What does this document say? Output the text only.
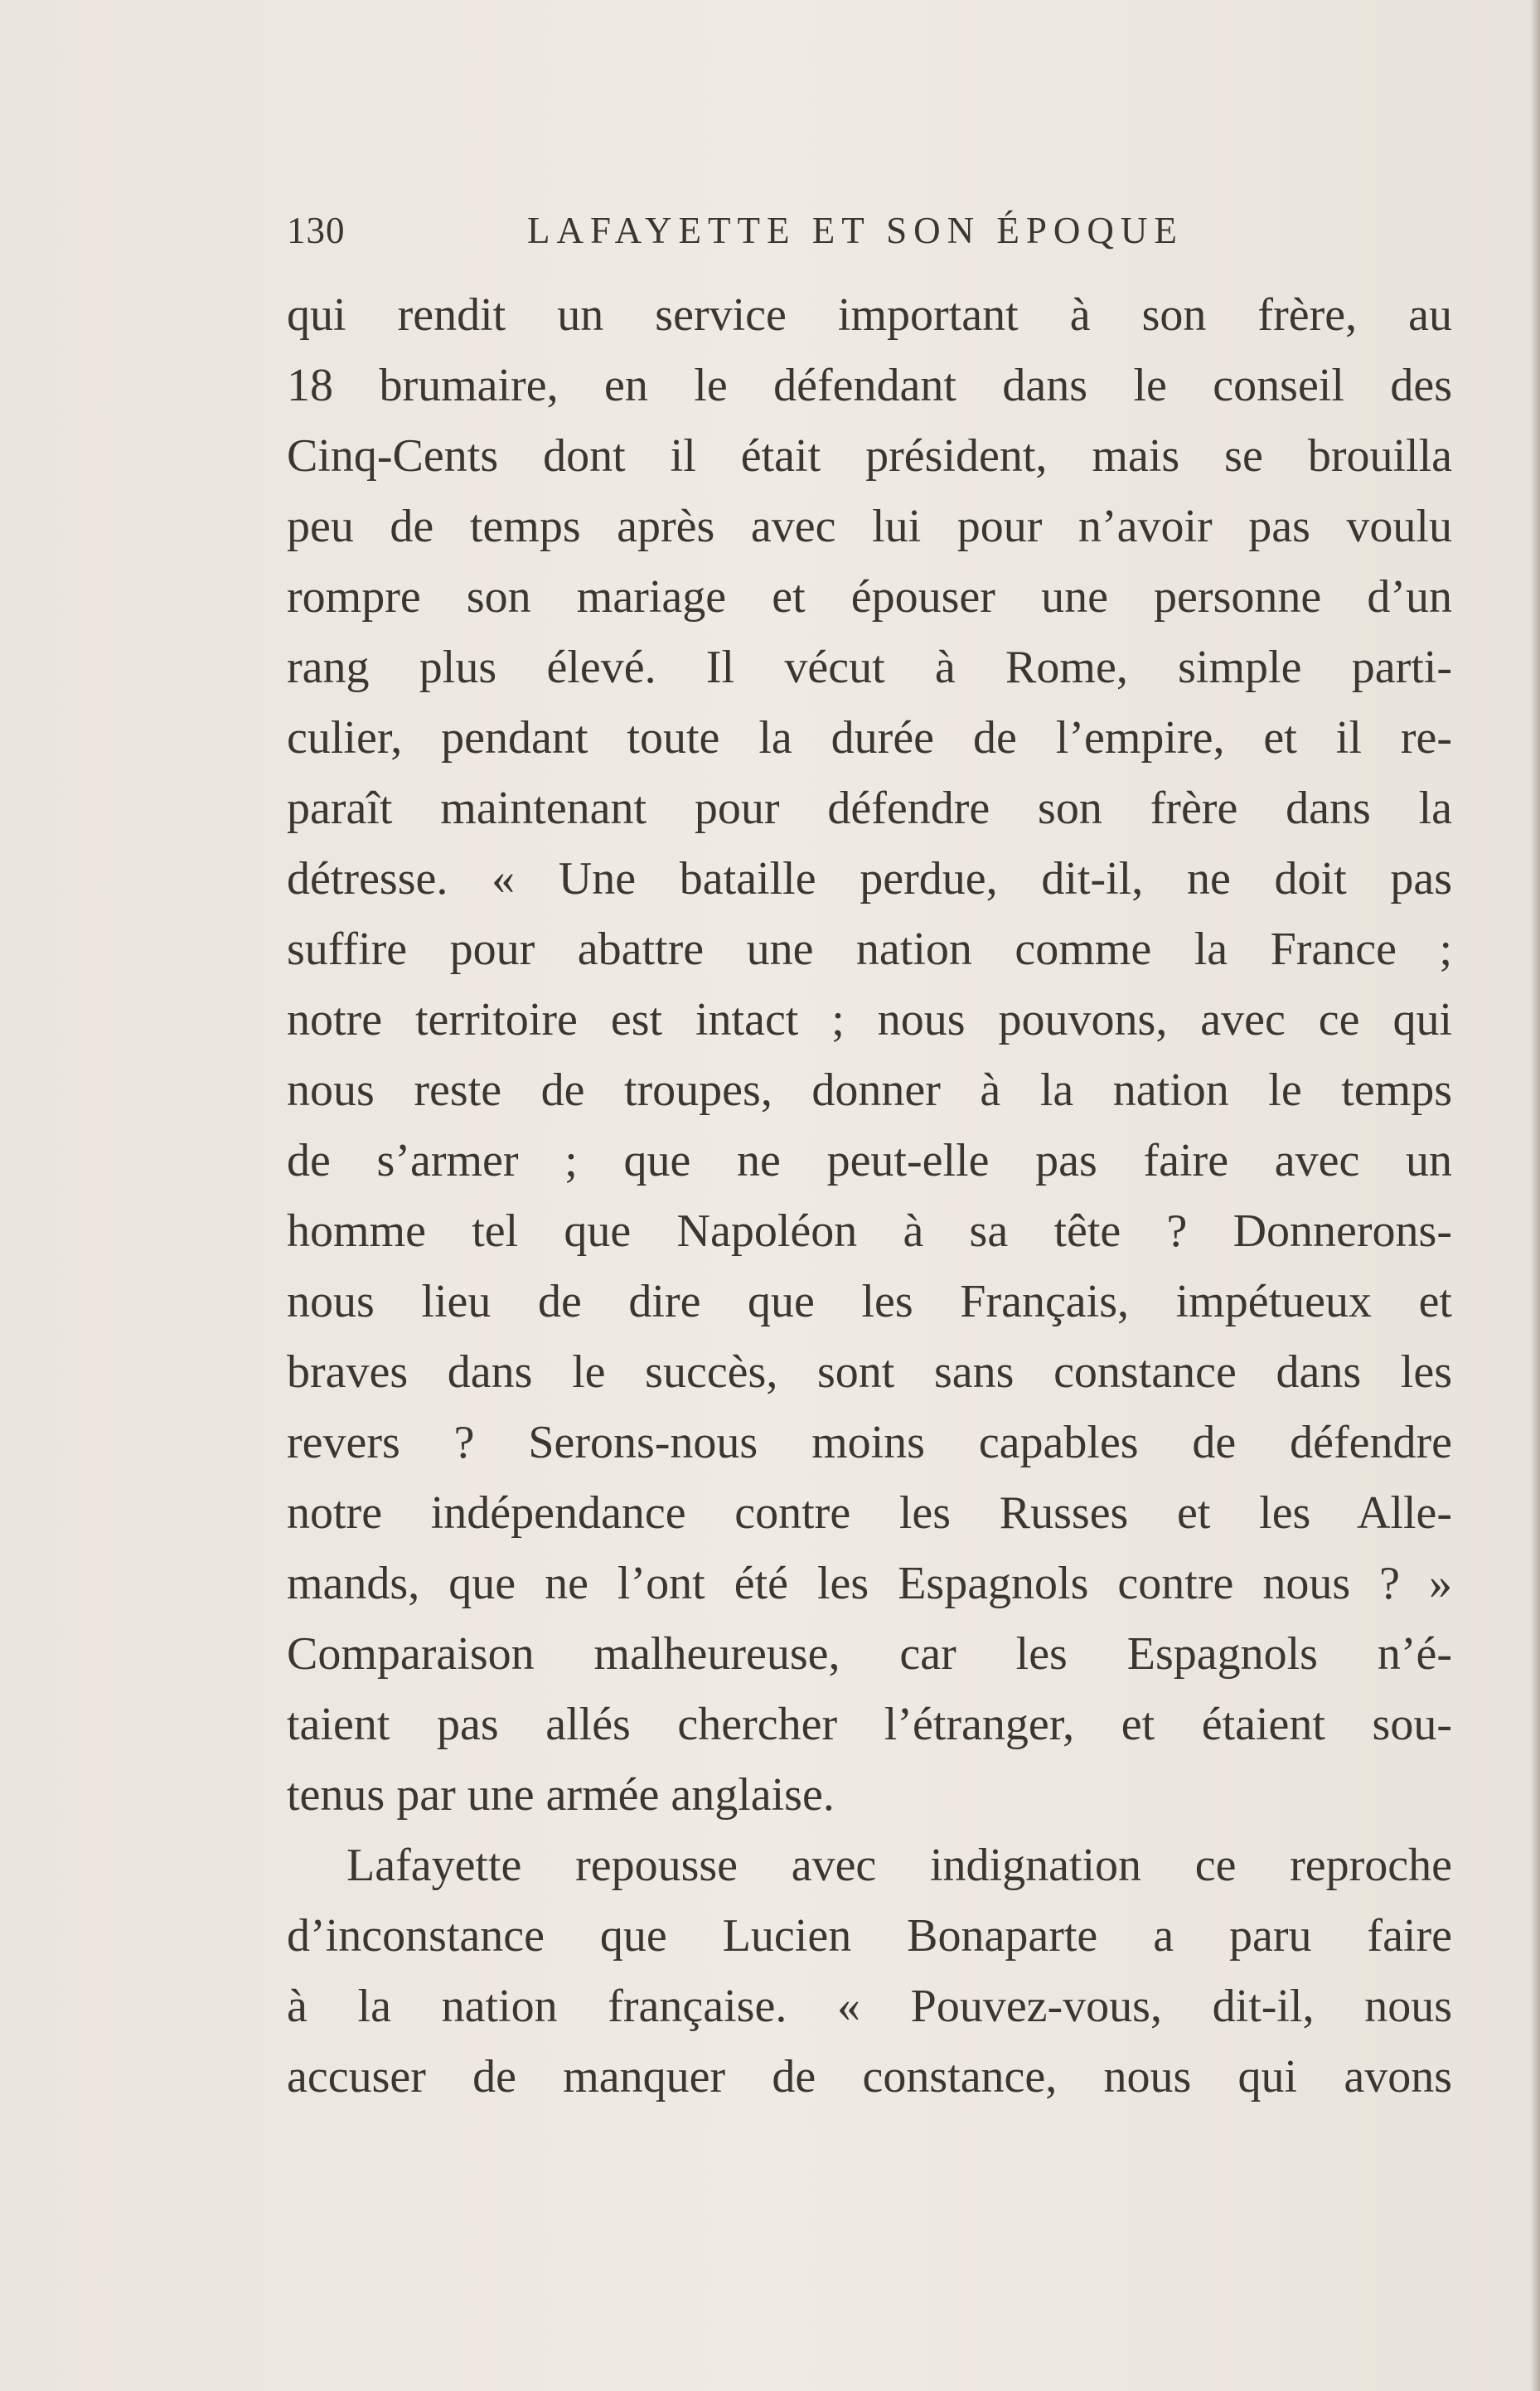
130	LAFAYETTE ET SON ÉPOQUE
qui rendit un service important à son frère, au
18 brumaire, en le défendant dans le conseil des
Cinq-Cents dont il était président, mais se brouilla
peu de temps après avec lui pour n’avoir pas voulu
rompre son mariage et épouser une personne d’un
rang plus élevé. Il vécut à Rome, simple parti-
culier, pendant toute la durée de l’empire, et il re-
paraît maintenant pour défendre son frère dans la
détresse. « Une bataille perdue, dit-il, ne doit pas
suffire pour abattre une nation comme la France ;
notre territoire est intact ; nous pouvons, avec ce qui
nous reste de troupes, donner à la nation le temps
de s’armer ; que ne peut-elle pas faire avec un
homme tel que Napoléon à sa tête ? Donnerons-
nous lieu de dire que les Français, impétueux et
braves dans le succès, sont sans constance dans les
revers ? Serons-nous moins capables de défendre
notre indépendance contre les Russes et les Alle-
mands, que ne l’ont été les Espagnols contre nous ? »
Comparaison malheureuse, car les Espagnols n’é-
taient pas allés chercher l’étranger, et étaient sou-
tenus par une armée anglaise.
Lafayette repousse avec indignation ce reproche
d’inconstance que Lucien Bonaparte a paru faire
à la nation française. « Pouvez-vous, dit-il, nous
accuser de manquer de constance, nous qui avons
